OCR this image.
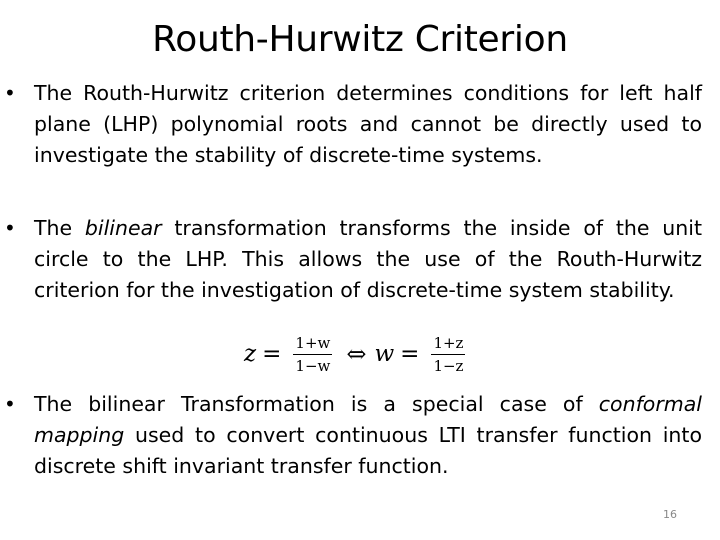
Routh-Hurwitz Criterion
• The Routh-Hurwitz criterion determines conditions for left half plane (LHP) polynomial roots and cannot be directly used to investigate the stability of discrete-time systems.
• The bilinear transformation transforms the inside of the unit circle to the LHP. This allows the use of the Routh-Hurwitz criterion for the investigation of discrete-time system stability.
$z = \frac{1+w}{1-w}$ ⇔ $w = \frac{1+z}{1-z}$
• The bilinear Transformation is a special case of conformal mapping used to convert continuous LTI transfer function into discrete shift invariant transfer function.
16
